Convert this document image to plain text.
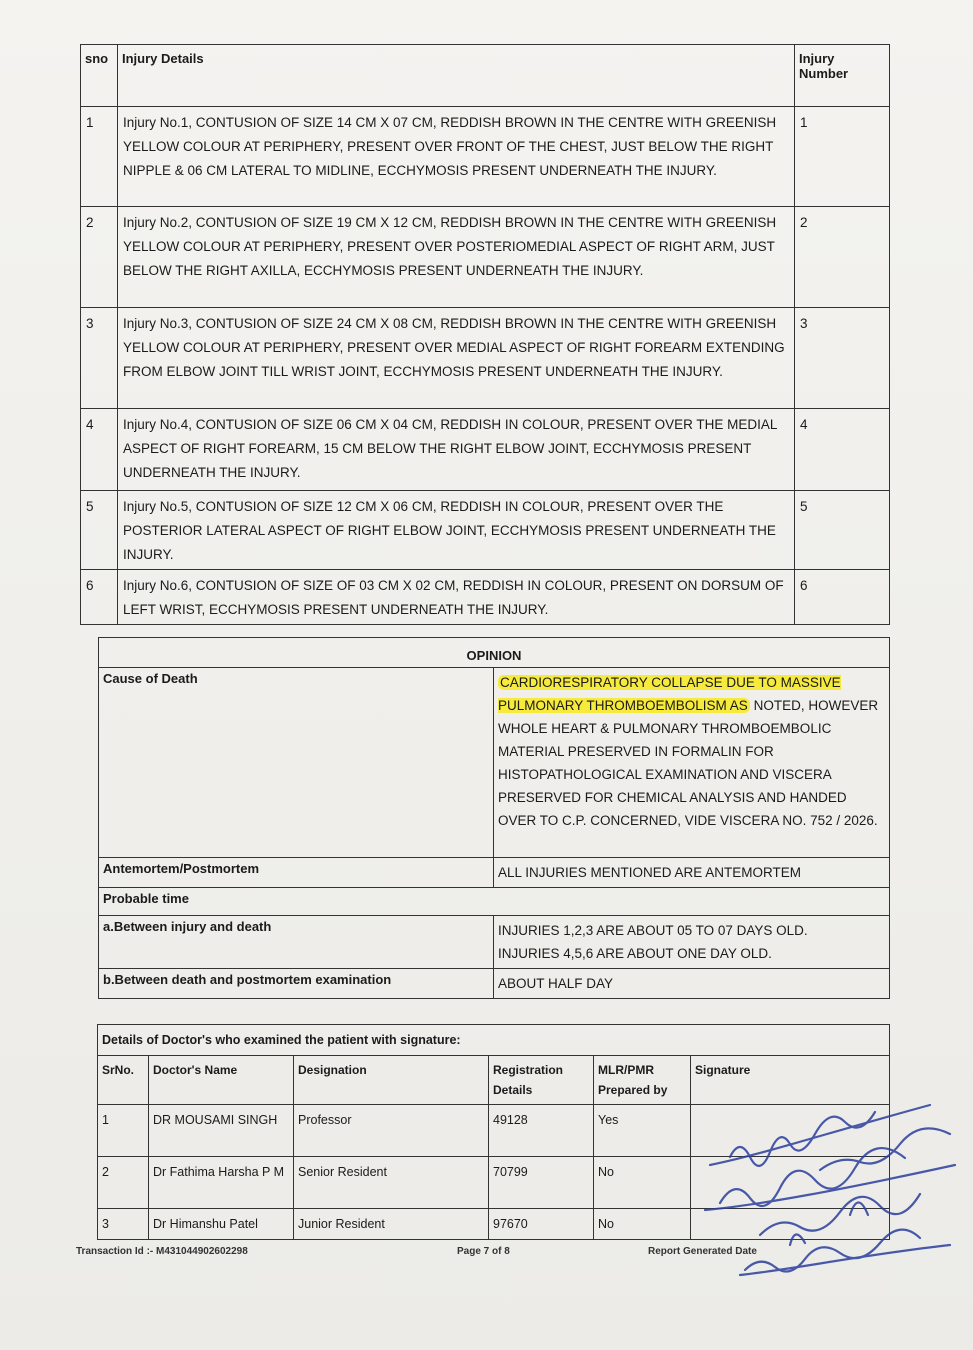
sno	Injury Details	Injury Number
1	Injury No.1, CONTUSION OF SIZE 14 CM X 07 CM, REDDISH BROWN IN THE CENTRE WITH GREENISH YELLOW COLOUR AT PERIPHERY, PRESENT OVER FRONT OF THE CHEST, JUST BELOW THE RIGHT NIPPLE & 06 CM LATERAL TO MIDLINE, ECCHYMOSIS PRESENT UNDERNEATH THE INJURY.	1
2	Injury No.2, CONTUSION OF SIZE 19 CM X 12 CM, REDDISH BROWN IN THE CENTRE WITH GREENISH YELLOW COLOUR AT PERIPHERY, PRESENT OVER POSTERIOMEDIAL ASPECT OF RIGHT ARM, JUST BELOW THE RIGHT AXILLA, ECCHYMOSIS PRESENT UNDERNEATH THE INJURY.	2
3	Injury No.3, CONTUSION OF SIZE 24 CM X 08 CM, REDDISH BROWN IN THE CENTRE WITH GREENISH YELLOW COLOUR AT PERIPHERY, PRESENT OVER MEDIAL ASPECT OF RIGHT FOREARM EXTENDING FROM ELBOW JOINT TILL WRIST JOINT, ECCHYMOSIS PRESENT UNDERNEATH THE INJURY.	3
4	Injury No.4, CONTUSION OF SIZE 06 CM X 04 CM, REDDISH IN COLOUR, PRESENT OVER THE MEDIAL ASPECT OF RIGHT FOREARM, 15 CM BELOW THE RIGHT ELBOW JOINT, ECCHYMOSIS PRESENT UNDERNEATH THE INJURY.	4
5	Injury No.5, CONTUSION OF SIZE 12 CM X 06 CM, REDDISH IN COLOUR, PRESENT OVER THE POSTERIOR LATERAL ASPECT OF RIGHT ELBOW JOINT, ECCHYMOSIS PRESENT UNDERNEATH THE INJURY.	5
6	Injury No.6, CONTUSION OF SIZE OF 03 CM X 02 CM, REDDISH IN COLOUR, PRESENT ON DORSUM OF LEFT WRIST, ECCHYMOSIS PRESENT UNDERNEATH THE INJURY.	6
OPINION	
Cause of Death	CARDIORESPIRATORY COLLAPSE DUE TO MASSIVE PULMONARY THROMBOEMBOLISM AS NOTED, HOWEVER WHOLE HEART & PULMONARY THROMBOEMBOLIC MATERIAL PRESERVED IN FORMALIN FOR HISTOPATHOLOGICAL EXAMINATION AND VISCERA PRESERVED FOR CHEMICAL ANALYSIS AND HANDED OVER TO C.P. CONCERNED, VIDE VISCERA NO. 752 / 2026.
Antemortem/Postmortem	ALL INJURIES MENTIONED ARE ANTEMORTEM
Probable time	
a.Between injury and death	INJURIES 1,2,3 ARE ABOUT 05 TO 07 DAYS OLD.
INJURIES 4,5,6 ARE ABOUT ONE DAY OLD.

b.Between death and postmortem examination	ABOUT HALF DAY
Details of Doctor's who examined the patient with signature:					
SrNo.	Doctor's Name	Designation	Registration Details	MLR/PMR Prepared by	Signature
1	DR MOUSAMI SINGH	Professor	49128	Yes	
2	Dr Fathima Harsha P M	Senior Resident	70799	No	
3	Dr Himanshu Patel	Junior Resident	97670	No	
Transaction Id :- M431044902602298	Page 7 of 8	Report Generated Date
